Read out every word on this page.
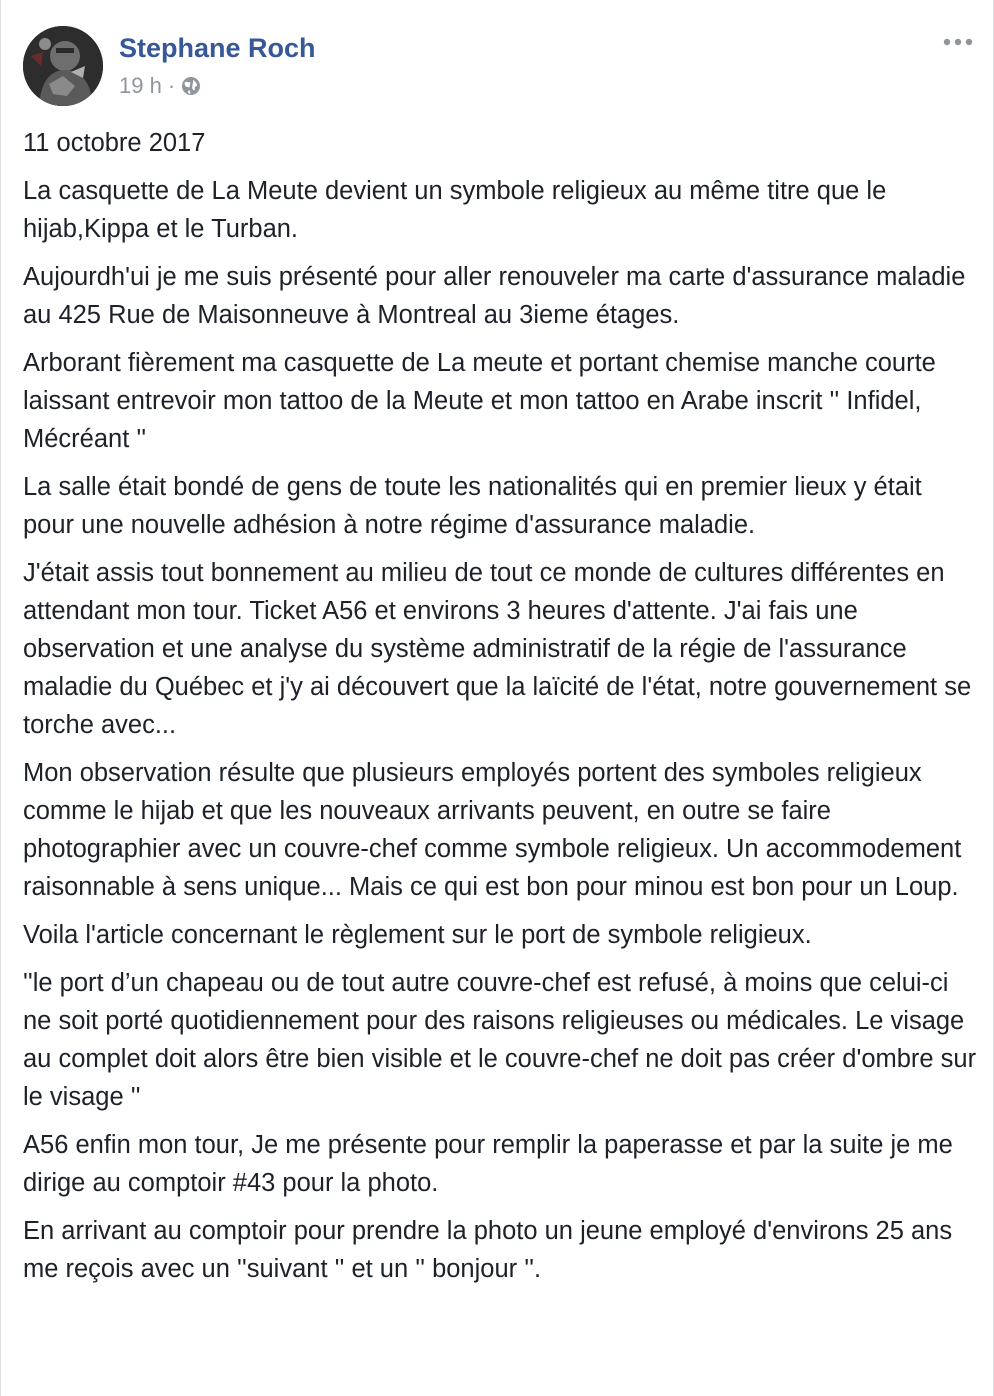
Stephane Roch
19 h ·

11 octobre 2017

La casquette de La Meute devient un symbole religieux au même titre que le hijab,Kippa et le Turban.

Aujourdh'ui je me suis présenté pour aller renouveler ma carte d'assurance maladie au 425 Rue de Maisonneuve à Montreal au 3ieme étages.

Arborant fièrement ma casquette de La meute et portant chemise manche courte laissant entrevoir mon tattoo de la Meute et mon tattoo en Arabe inscrit '' Infidel, Mécréant ''

La salle était bondé de gens de toute les nationalités qui en premier lieux y était pour une nouvelle adhésion à notre régime d'assurance maladie.

J'était assis tout bonnement au milieu de tout ce monde de cultures différentes en attendant mon tour. Ticket A56 et environs 3 heures d'attente. J'ai fais une observation et une analyse du système administratif de la régie de l'assurance maladie du Québec et j'y ai découvert que la laïcité de l'état, notre gouvernement se torche avec...

Mon observation résulte que plusieurs employés portent des symboles religieux comme le hijab et que les nouveaux arrivants peuvent, en outre se faire photographier avec un couvre-chef comme symbole religieux. Un accommodement raisonnable à sens unique... Mais ce qui est bon pour minou est bon pour un Loup.

Voila l'article concernant le règlement sur le port de symbole religieux.

''le port d’un chapeau ou de tout autre couvre-chef est refusé, à moins que celui-ci ne soit porté quotidiennement pour des raisons religieuses ou médicales. Le visage au complet doit alors être bien visible et le couvre-chef ne doit pas créer d'ombre sur le visage ''

A56 enfin mon tour, Je me présente pour remplir la paperasse et par la suite je me dirige au comptoir #43 pour la photo.

En arrivant au comptoir pour prendre la photo un jeune employé d'environs 25 ans me reçois avec un ''suivant '' et un '' bonjour ''.
